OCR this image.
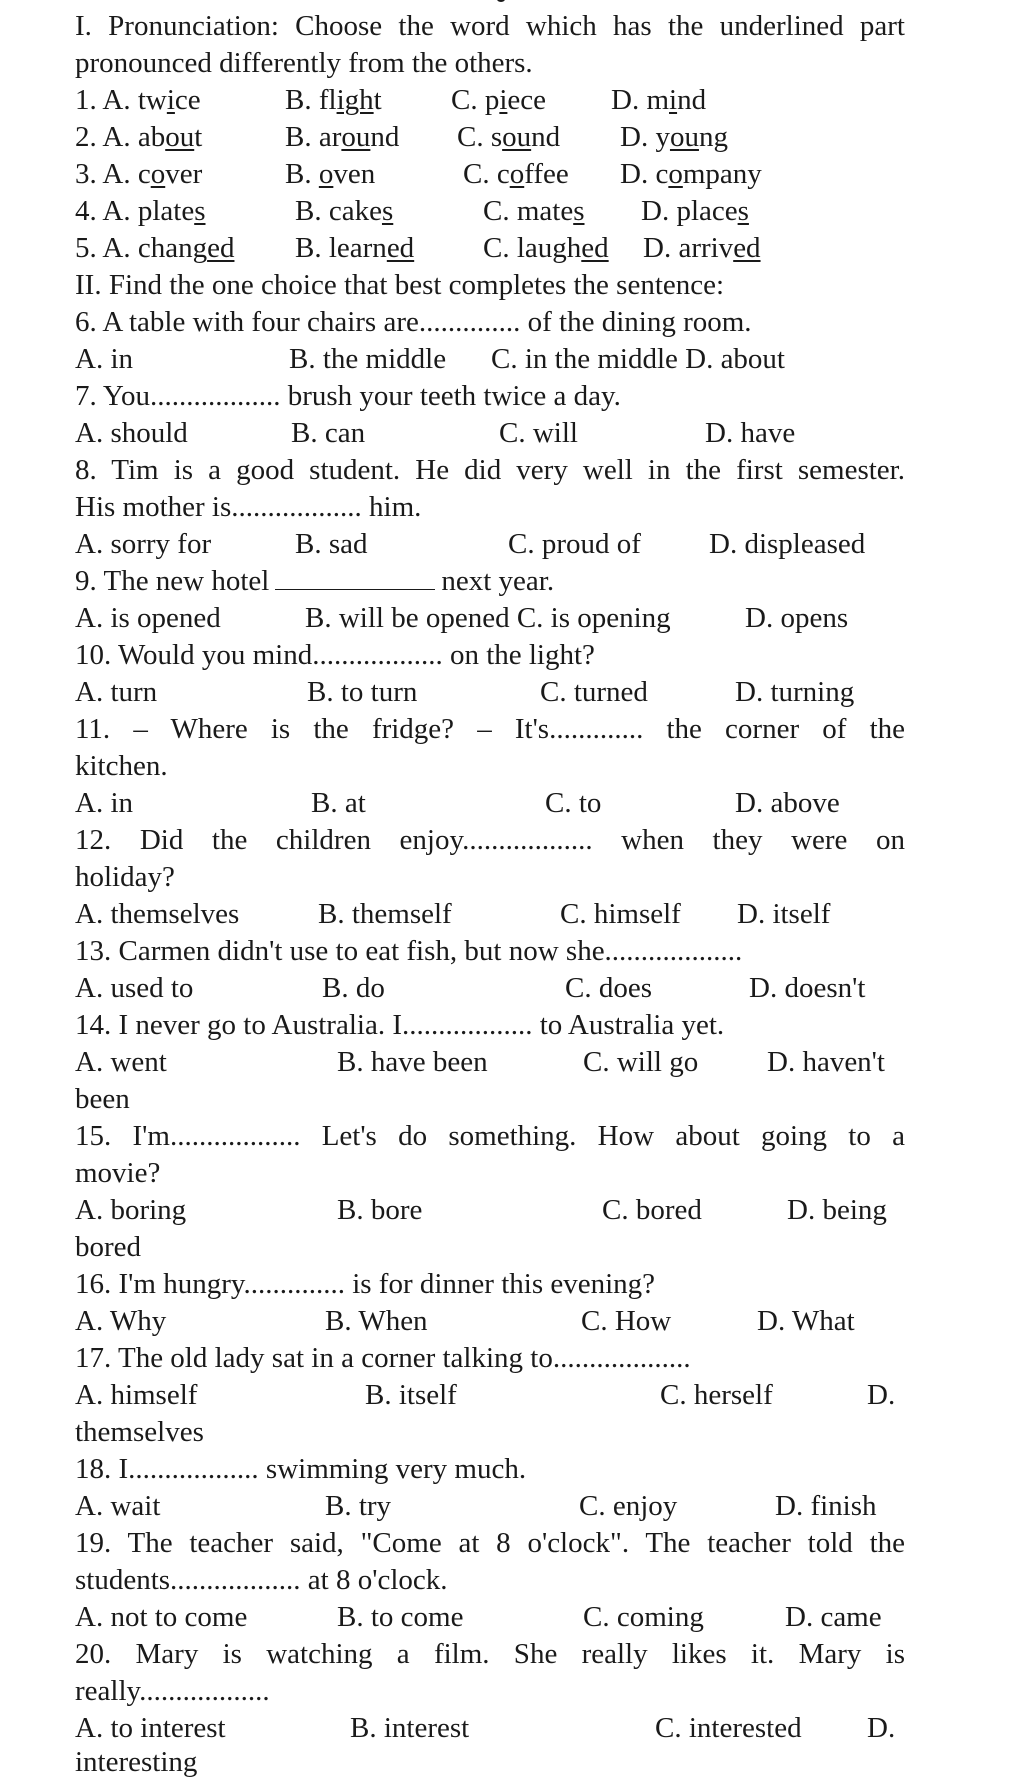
I. Pronunciation: Choose the word which has the underlined part
pronounced differently from the others.
1. A. twice	B. flight C. piece D. mind
2. A. about	B. around C. sound D. young
3. A. cover	B. oven	C. coffee D. company
4. A. plates	B. cakes	C. mates D. places
5. A. changed B. learned C. laughed D. arrived
II. Find the one choice that best completes the sentence:
6. A table with four chairs are.............. of the dining room.
A. in	B. the middle C. in the middle D. about
7. You.................. brush your teeth twice a day.
A. should	B. can	C. will	D. have
8. Tim is a good student. He did very well in the first semester.
His mother is.................. him.
A. sorry for	B. sad	C. proud of D. displeased
9. The new hotel	next year.
A. is opened	B. will be opened C. is opening	D. opens
10. Would you mind.................. on the light?
A. turn	B. to turn	C. turned	D. turning
11. – Where is the fridge? – It's............. the corner of the
kitchen.
A. in	B. at	C. to	D. above
12. Did the children enjoy.................. when they were on
holiday?
A. themselves	B. themself	C. himself D. itself
13. Carmen didn't use to eat fish, but now she...................
A. used to	B. do	C. does	D. doesn't
14. I never go to Australia. I.................. to Australia yet.
A. went	B. have been	C. will go D. haven't
been
15. I'm.................. Let's do something. How about going to a
movie?
A. boring	B. bore	C. bored	D. being
bored
16. I'm hungry.............. is for dinner this evening?
A. Why	B. When	C. How	D. What
17. The old lady sat in a corner talking to...................
A. himself	B. itself	C. herself	D.
themselves
18. I.................. swimming very much.
A. wait	B. try	C. enjoy	D. finish
19. The teacher said, "Come at 8 o'clock". The teacher told the
students.................. at 8 o'clock.
A. not to come	B. to come	C. coming	D. came
20. Mary is watching a film. She really likes it. Mary is
really..................
A. to interest	B. interest	C. interested D.
interesting
